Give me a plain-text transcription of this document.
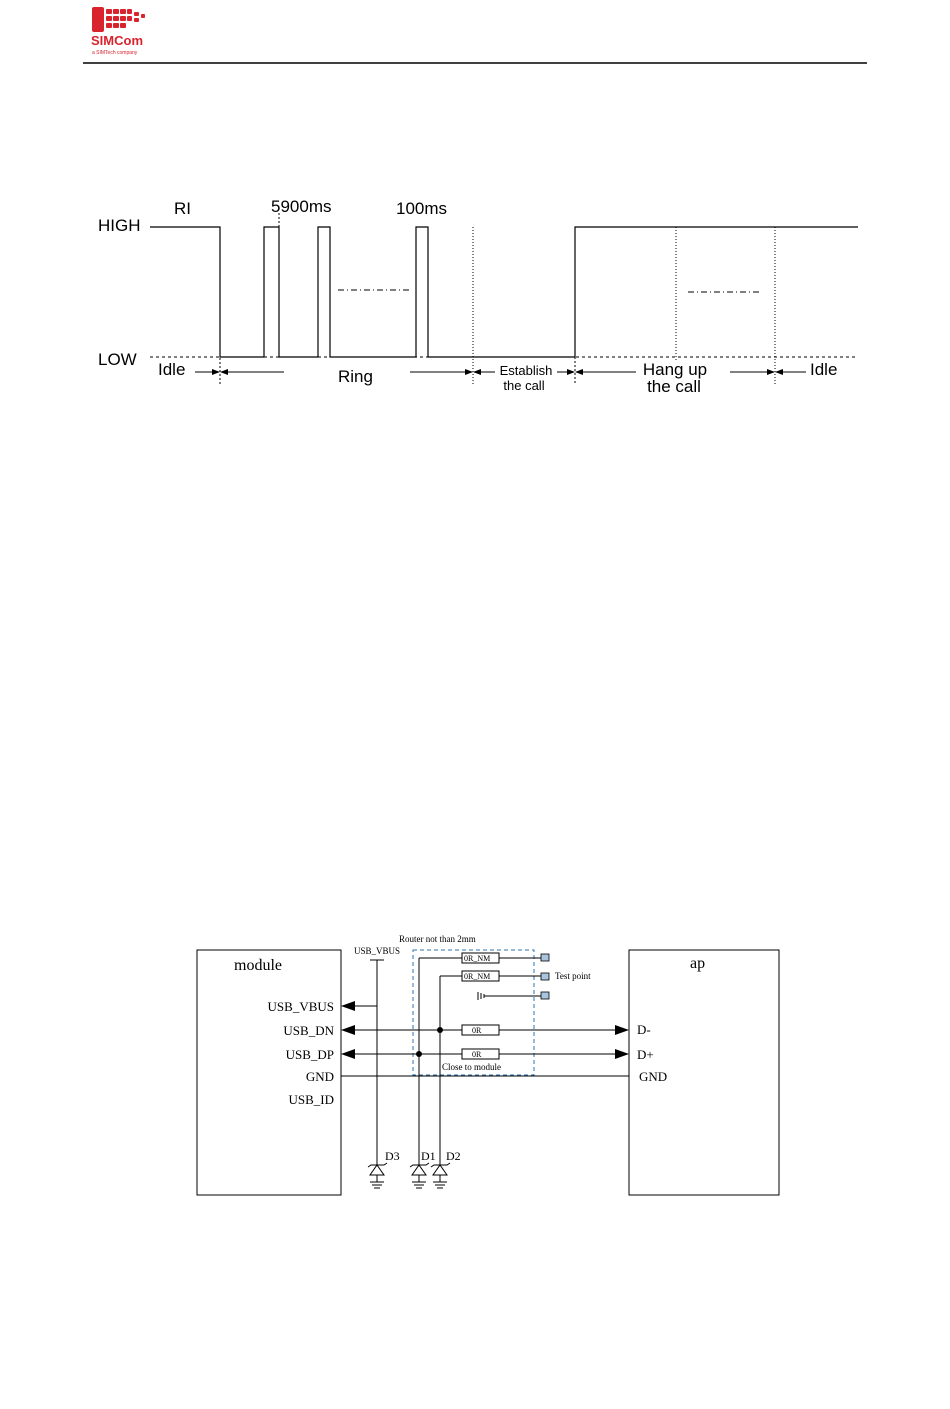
SIMCom
a SIMTech company
RI
HIGH
LOW
5900ms	100ms
Idle	Ring	Establish
the call
Hang up
the call
Idle
module
USB_VBUS
USB_DN
USB_DP
GND
USB_ID
ap
D-
D+
GND
Router not than 2mm
Close to module
USB_VBUS
0R
0R
0R_NM
0R_NM	Test point
D3 D1 D2
